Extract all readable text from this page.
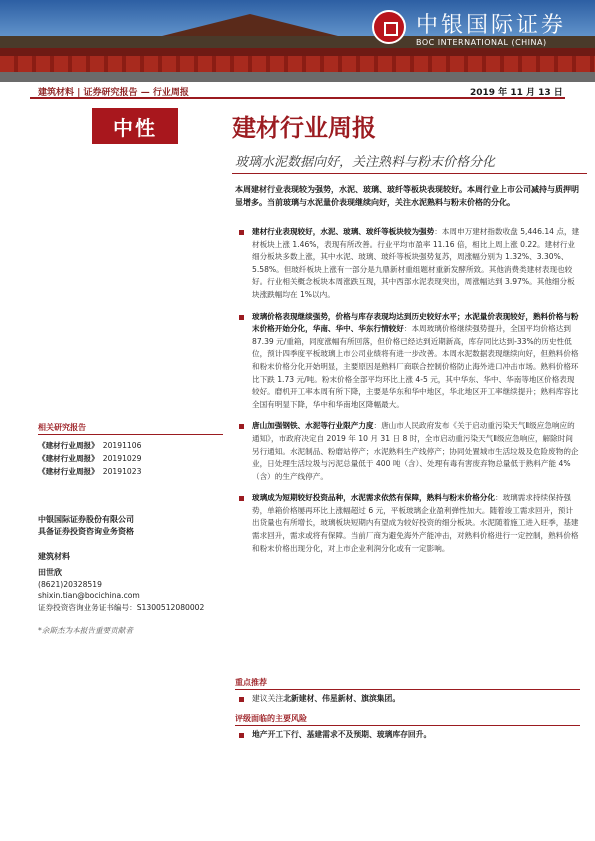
中银国际证券
BOC INTERNATIONAL (CHINA)
建筑材料 | 证券研究报告 — 行业周报	2019 年 11 月 13 日
中性	建材行业周报
玻璃水泥数据向好，关注熟料与粉末价格分化
本周建材行业表现较为强势，水泥、玻璃、玻纤等板块表现较好。本周行业上市公司减持与质押明显增多。当前玻璃与水泥量价表现继续向好，关注水泥熟料与粉末价格的分化。
建材行业表现较好，水泥、玻璃、玻纤等板块较为强势：本周申万建材指数收盘 5,446.14 点，建材板块上涨 1.46%，表现有所改善。行业平均市盈率 11.16 倍，相比上周上涨 0.22。建材行业细分板块多数上涨，其中水泥、玻璃、玻纤等板块强势复苏，周涨幅分别为 1.32%、3.30%、5.58%。但玻纤板块上涨有一部分是九鼎新材重组题材重新发酵所致。其他消费类建材表现也较好。行业相关概念板块本周涨跌互现，其中西部水泥表现突出，周涨幅达到 3.97%。其他细分板块涨跌幅均在 1%以内。
玻璃价格表现继续强势，价格与库存表现均达到历史较好水平；水泥量价表现较好，熟料价格与粉末价格开始分化，华南、华中、华东行情较好：本周玻璃价格继续强势提升，全国平均价格达到 87.39 元/重箱，同度涨幅有所回落，但价格已经达到近期新高，库存同比达到-33%的历史性低位，预计四季度平板玻璃上市公司业绩将有进一步改善。本周水泥数据表现继续向好，但熟料价格和粉末价格分化开始明显，主要原因是熟料厂商联合控制价格防止海外进口冲击市场。熟料价格环比下跌 1.73 元/吨。粉末价格全部平均环比上涨 4-5 元，其中华东、华中、华南等地区价格表现较好。磨机开工率本周有所下降，主要是华东和华中地区，华北地区开工率继续提升；熟料库容比全国有明显下降，华中和华南地区降幅最大。
唐山加强钢铁、水泥等行业限产力度：唐山市人民政府发布《关于启动重污染天气Ⅱ级应急响应的通知》，市政府决定自 2019 年 10 月 31 日 8 时，全市启动重污染天气Ⅱ级应急响应，解除时间另行通知。水泥制品、粉磨站停产；水泥熟料生产线停产；协同处置城市生活垃圾及危险废物的企业，日处理生活垃圾与污泥总量低于 400 吨（含）、处理有毒有害废弃物总量低于熟料产能 4%（含）的生产线停产。
玻璃成为短期较好投资品种，水泥需求依然有保障，熟料与粉末价格分化：玻璃需求持续保持强势，单箱价格屡再环比上涨幅超过 6 元，平板玻璃企业盈利弹性加大。随着竣工需求回升，预计出货量也有所增长，玻璃板块短期内有望成为较好投资的细分板块。水泥随着施工进入旺季，基建需求回升，需求或将有保障。当前厂商为避免海外产能冲击，对熟料价格进行一定控制，熟料价格和粉末价格出现分化，对上市企业利润分化或有一定影响。
重点推荐
建议关注北新建材、伟星新材、旗滨集团。
评级面临的主要风险
地产开工下行、基建需求不及预期、玻璃库存回升。
相关研究报告
《建材行业周报》 20191106
《建材行业周报》 20191029
《建材行业周报》 20191023
中银国际证券股份有限公司
具备证券投资咨询业务资格
建筑材料
田世欣
(8621)20328519
shixin.tian@bocichina.com
证券投资咨询业务证书编号：S1300512080002
*余斯杰为本报告重要贡献者
